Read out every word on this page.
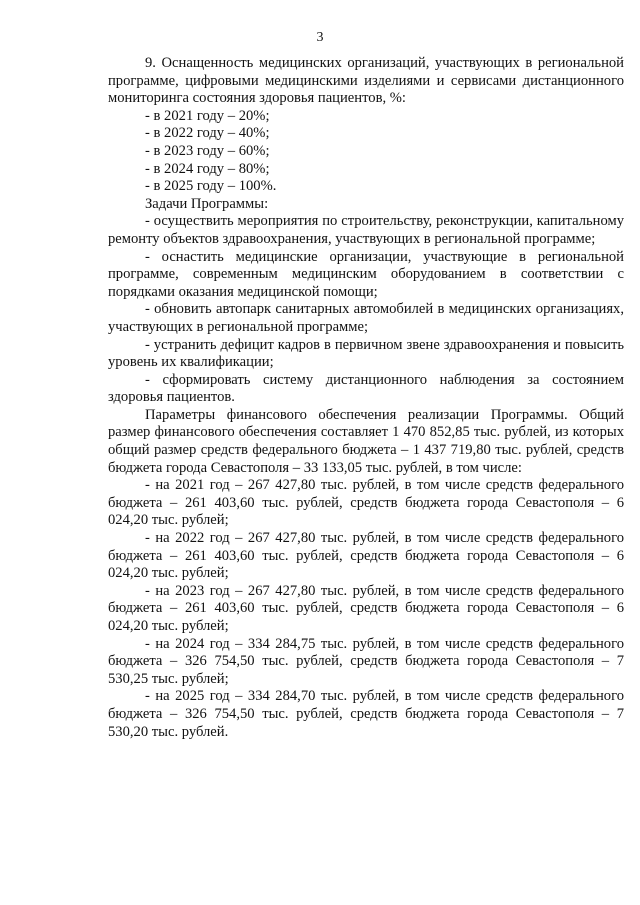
3

9. Оснащенность медицинских организаций, участвующих в региональной программе, цифровыми медицинскими изделиями и сервисами дистанционного мониторинга состояния здоровья пациентов, %:

- в 2021 году – 20%;

- в 2022 году – 40%;

- в 2023 году – 60%;

- в 2024 году – 80%;

- в 2025 году – 100%.

Задачи Программы:

- осуществить мероприятия по строительству, реконструкции, капитальному ремонту объектов здравоохранения, участвующих в региональной программе;

- оснастить медицинские организации, участвующие в региональной программе, современным медицинским оборудованием в соответствии с порядками оказания медицинской помощи;

- обновить автопарк санитарных автомобилей в медицинских организациях, участвующих в региональной программе;

- устранить дефицит кадров в первичном звене здравоохранения и повысить уровень их квалификации;

- сформировать систему дистанционного наблюдения за состоянием здоровья пациентов.

Параметры финансового обеспечения реализации Программы. Общий размер финансового обеспечения составляет 1 470 852,85 тыс. рублей, из которых общий размер средств федерального бюджета – 1 437 719,80 тыс. рублей, средств бюджета города Севастополя – 33 133,05 тыс. рублей, в том числе:

- на 2021 год – 267 427,80 тыс. рублей, в том числе средств федерального бюджета – 261 403,60 тыс. рублей, средств бюджета города Севастополя – 6 024,20 тыс. рублей;

- на 2022 год – 267 427,80 тыс. рублей, в том числе средств федерального бюджета – 261 403,60 тыс. рублей, средств бюджета города Севастополя – 6 024,20 тыс. рублей;

- на 2023 год – 267 427,80 тыс. рублей, в том числе средств федерального бюджета – 261 403,60 тыс. рублей, средств бюджета города Севастополя – 6 024,20 тыс. рублей;

- на 2024 год – 334 284,75 тыс. рублей, в том числе средств федерального бюджета – 326 754,50 тыс. рублей, средств бюджета города Севастополя – 7 530,25 тыс. рублей;

- на 2025 год – 334 284,70 тыс. рублей, в том числе средств федерального бюджета – 326 754,50 тыс. рублей, средств бюджета города Севастополя – 7 530,20 тыс. рублей.
